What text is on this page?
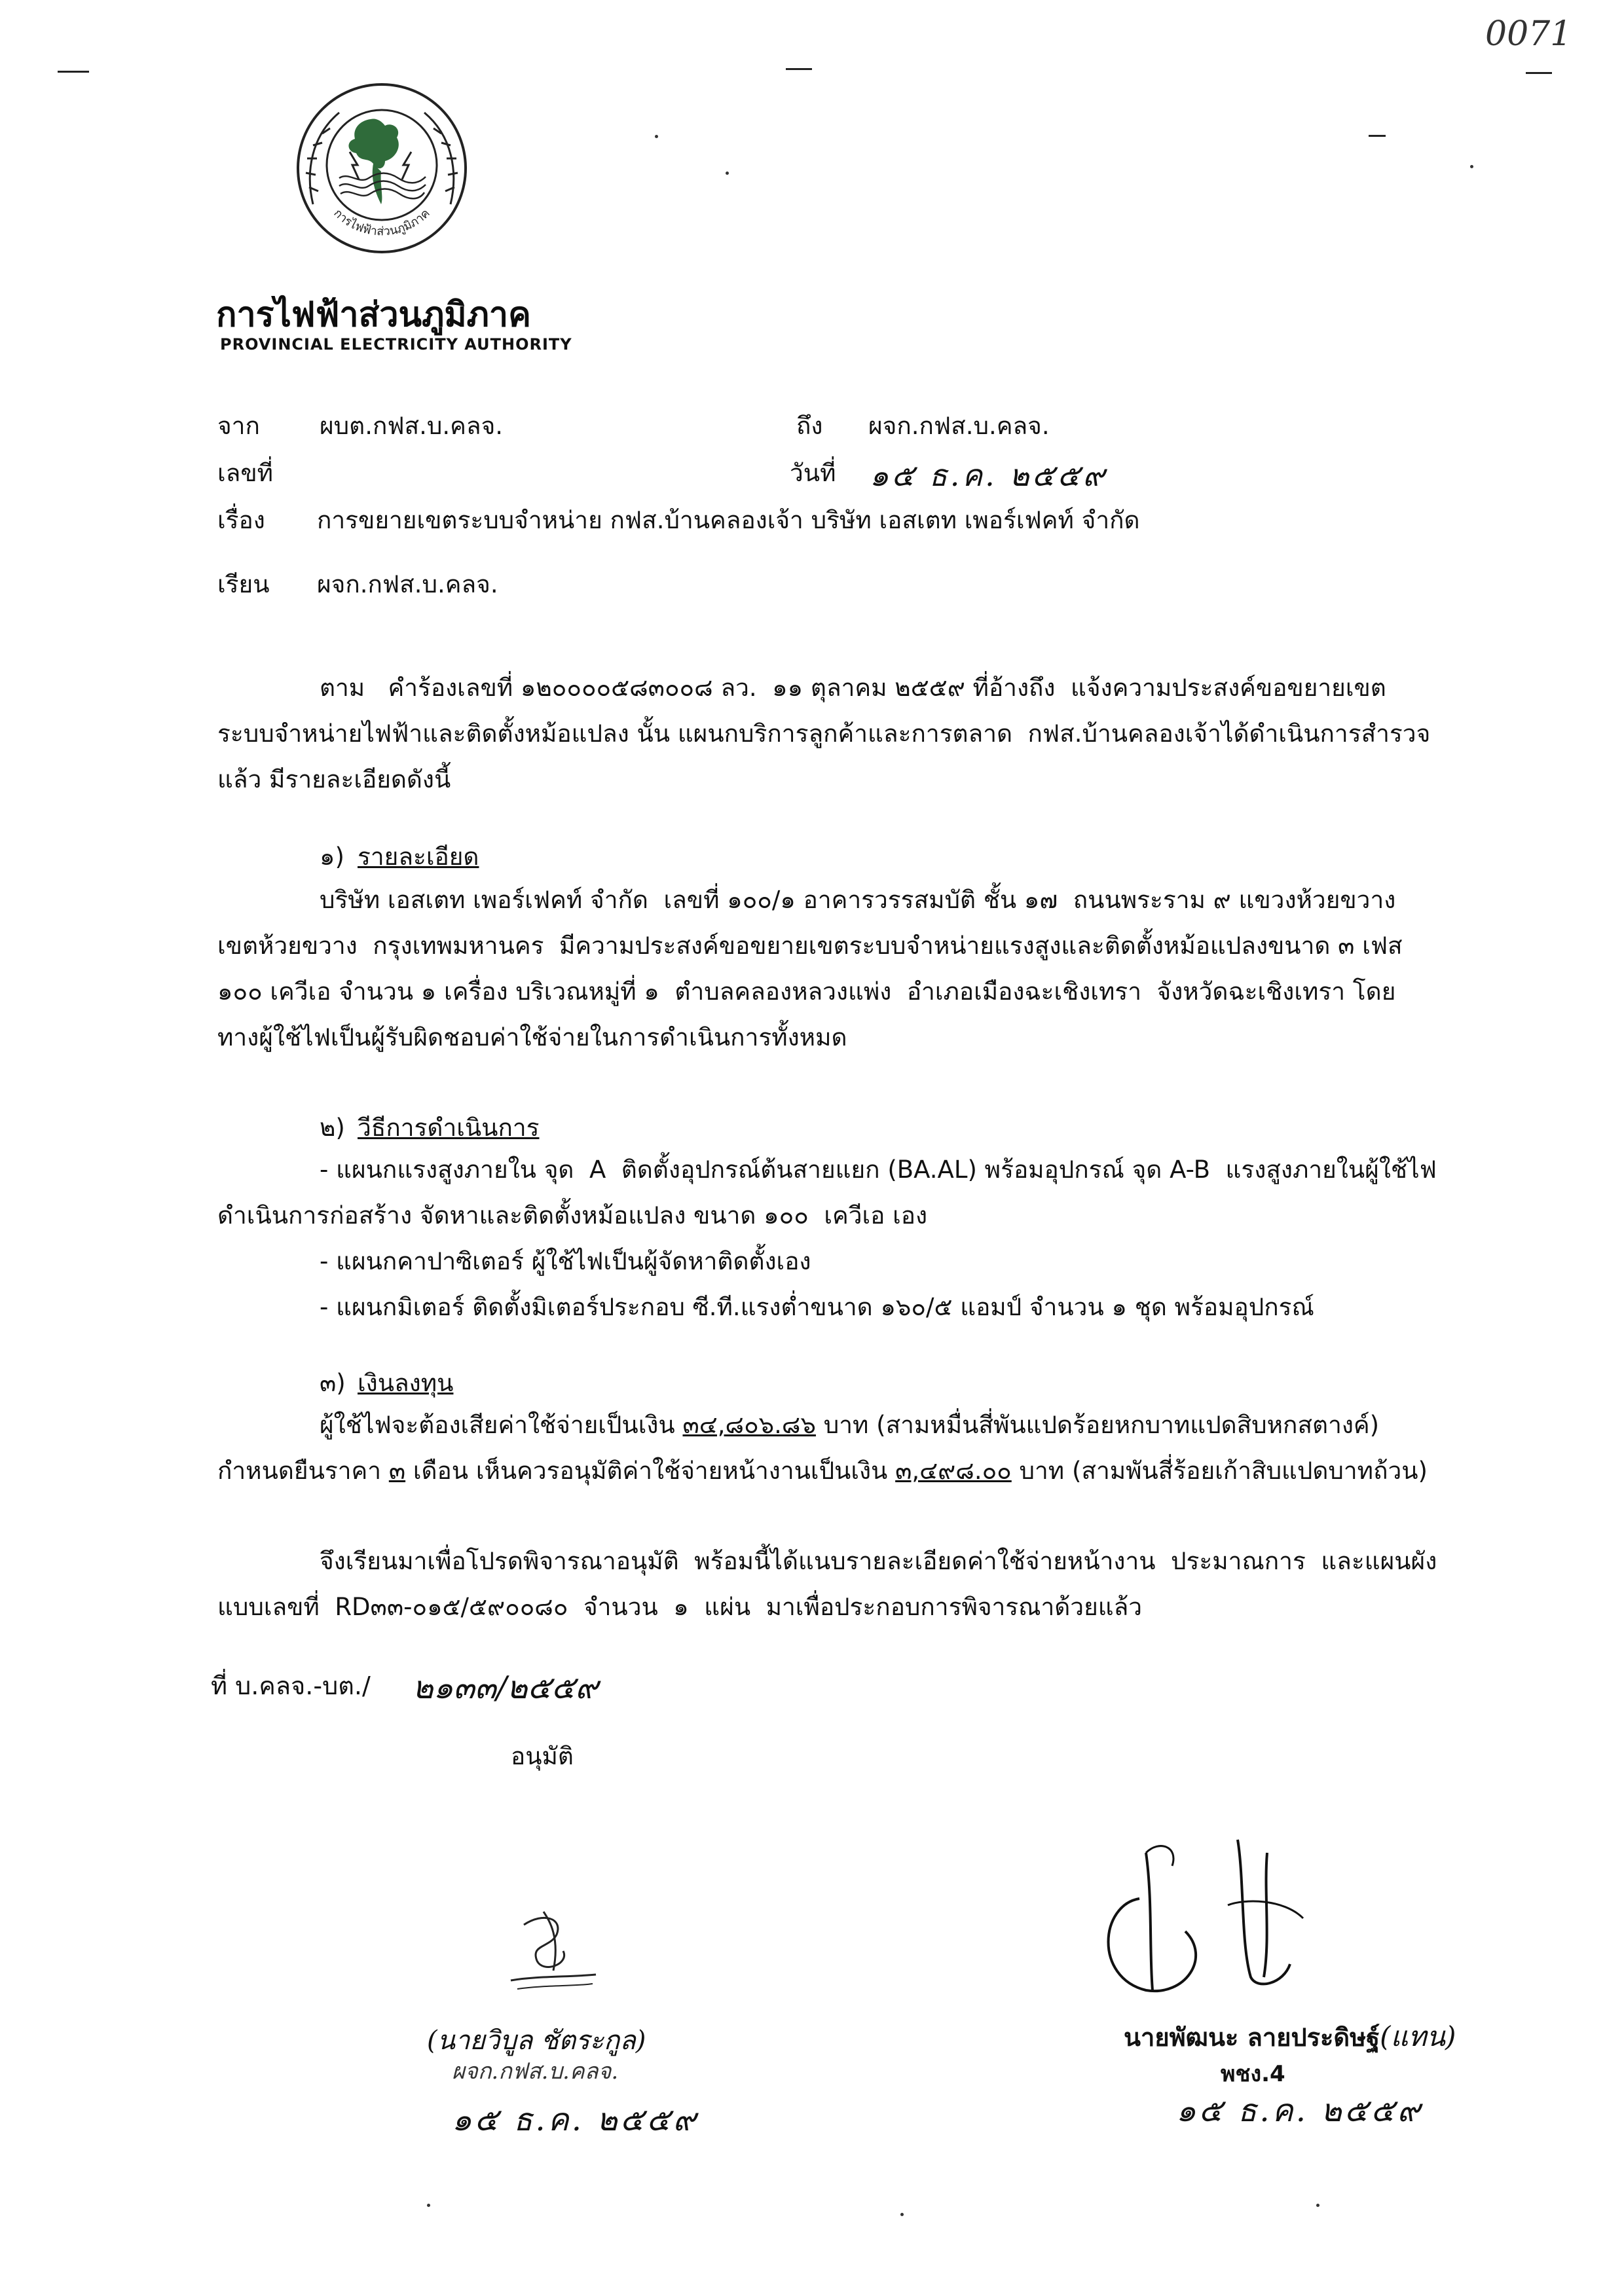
0071
การไฟฟ้าส่วนภูมิภาค
การไฟฟ้าส่วนภูมิภาค
PROVINCIAL ELECTRICITY AUTHORITY
จาก ผบต.กฟส.บ.คลจ.	ถึง ผจก.กฟส.บ.คลจ.
เลขที่	วันที่ ๑๕ ธ.ค. ๒๕๕๙
เรื่อง การขยายเขตระบบจำหน่าย กฟส.บ้านคลองเจ้า บริษัท เอสเตท เพอร์เฟคท์ จำกัด
เรียน ผจก.กฟส.บ.คลจ.
ตาม   คำร้องเลขที่ ๑๒๐๐๐๐๕๘๓๐๐๘ ลว.  ๑๑ ตุลาคม ๒๕๕๙ ที่อ้างถึง  แจ้งความประสงค์ขอขยายเขต
ระบบจำหน่ายไฟฟ้าและติดตั้งหม้อแปลง นั้น แผนกบริการลูกค้าและการตลาด  กฟส.บ้านคลองเจ้าได้ดำเนินการสำรวจ
แล้ว มีรายละเอียดดังนี้
๑) รายละเอียด
บริษัท เอสเตท เพอร์เฟคท์ จำกัด  เลขที่ ๑๐๐/๑ อาคารวรรสมบัติ ชั้น ๑๗  ถนนพระราม ๙ แขวงห้วยขวาง
เขตห้วยขวาง  กรุงเทพมหานคร  มีความประสงค์ขอขยายเขตระบบจำหน่ายแรงสูงและติดตั้งหม้อแปลงขนาด ๓ เฟส
๑๐๐ เควีเอ จำนวน ๑ เครื่อง บริเวณหมู่ที่ ๑  ตำบลคลองหลวงแพ่ง  อำเภอเมืองฉะเชิงเทรา  จังหวัดฉะเชิงเทรา โดย
ทางผู้ใช้ไฟเป็นผู้รับผิดชอบค่าใช้จ่ายในการดำเนินการทั้งหมด
๒) วีธีการดำเนินการ
- แผนกแรงสูงภายใน จุด  A  ติดตั้งอุปกรณ์ต้นสายแยก (BA.AL) พร้อมอุปกรณ์ จุด A-B  แรงสูงภายในผู้ใช้ไฟ
ดำเนินการก่อสร้าง จัดหาและติดตั้งหม้อแปลง ขนาด ๑๐๐  เควีเอ เอง
- แผนกคาปาซิเตอร์ ผู้ใช้ไฟเป็นผู้จัดหาติดตั้งเอง
- แผนกมิเตอร์ ติดตั้งมิเตอร์ประกอบ ซี.ที.แรงต่ำขนาด ๑๖๐/๕ แอมป์ จำนวน ๑ ชุด พร้อมอุปกรณ์
๓) เงินลงทุน
ผู้ใช้ไฟจะต้องเสียค่าใช้จ่ายเป็นเงิน ๓๔,๘๐๖.๘๖ บาท (สามหมื่นสี่พันแปดร้อยหกบาทแปดสิบหกสตางค์)
กำหนดยืนราคา ๓ เดือน เห็นควรอนุมัติค่าใช้จ่ายหน้างานเป็นเงิน ๓,๔๙๘.๐๐ บาท (สามพันสี่ร้อยเก้าสิบแปดบาทถ้วน)
จึงเรียนมาเพื่อโปรดพิจารณาอนุมัติ  พร้อมนี้ได้แนบรายละเอียดค่าใช้จ่ายหน้างาน  ประมาณการ  และแผนผัง
แบบเลขที่  RD๓๓-๐๑๕/๕๙๐๐๘๐  จำนวน  ๑  แผ่น  มาเพื่อประกอบการพิจารณาด้วยแล้ว
ที่ บ.คลจ.-บต./ ๒๑๓๓/๒๕๕๙
อนุมัติ
(นายวิบูล ชัตระกูล)
ผจก.กฟส.บ.คลจ.
๑๕ ธ.ค. ๒๕๕๙
นายพัฒนะ ลายประดิษฐ์(แทน)
พชง.4
๑๕ ธ.ค. ๒๕๕๙
